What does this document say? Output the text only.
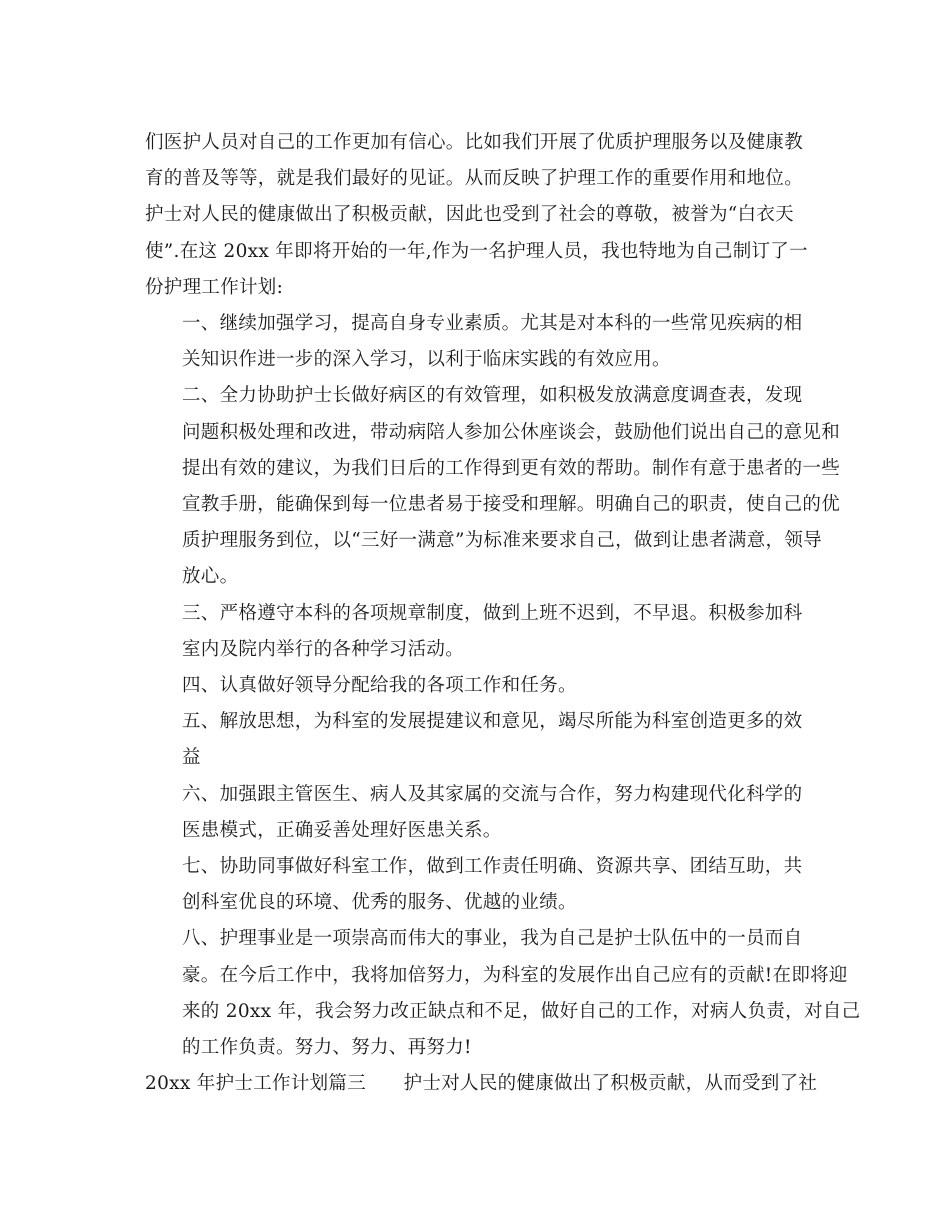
们医护人员对自己的工作更加有信心。比如我们开展了优质护理服务以及健康教
育的普及等等，就是我们最好的见证。从而反映了护理工作的重要作用和地位。
护士对人民的健康做出了积极贡献，因此也受到了社会的尊敬，被誉为“白衣天
使”.在这 20xx 年即将开始的一年,作为一名护理人员，我也特地为自己制订了一
份护理工作计划:
一、继续加强学习，提高自身专业素质。尤其是对本科的一些常见疾病的相
关知识作进一步的深入学习，以利于临床实践的有效应用。
二、全力协助护士长做好病区的有效管理，如积极发放满意度调查表，发现
问题积极处理和改进，带动病陪人参加公休座谈会，鼓励他们说出自己的意见和
提出有效的建议，为我们日后的工作得到更有效的帮助。制作有意于患者的一些
宣教手册，能确保到每一位患者易于接受和理解。明确自己的职责，使自己的优
质护理服务到位，以“三好一满意”为标准来要求自己，做到让患者满意，领导
放心。
三、严格遵守本科的各项规章制度，做到上班不迟到，不早退。积极参加科
室内及院内举行的各种学习活动。
四、认真做好领导分配给我的各项工作和任务。
五、解放思想，为科室的发展提建议和意见，竭尽所能为科室创造更多的效
益
六、加强跟主管医生、病人及其家属的交流与合作，努力构建现代化科学的
医患模式，正确妥善处理好医患关系。
七、协助同事做好科室工作，做到工作责任明确、资源共享、团结互助，共
创科室优良的环境、优秀的服务、优越的业绩。
八、护理事业是一项崇高而伟大的事业，我为自己是护士队伍中的一员而自
豪。在今后工作中，我将加倍努力，为科室的发展作出自己应有的贡献!在即将迎
来的 20xx 年，我会努力改正缺点和不足，做好自己的工作，对病人负责，对自己
的工作负责。努力、努力、再努力!
20xx 年护士工作计划篇三　　护士对人民的健康做出了积极贡献，从而受到了社
